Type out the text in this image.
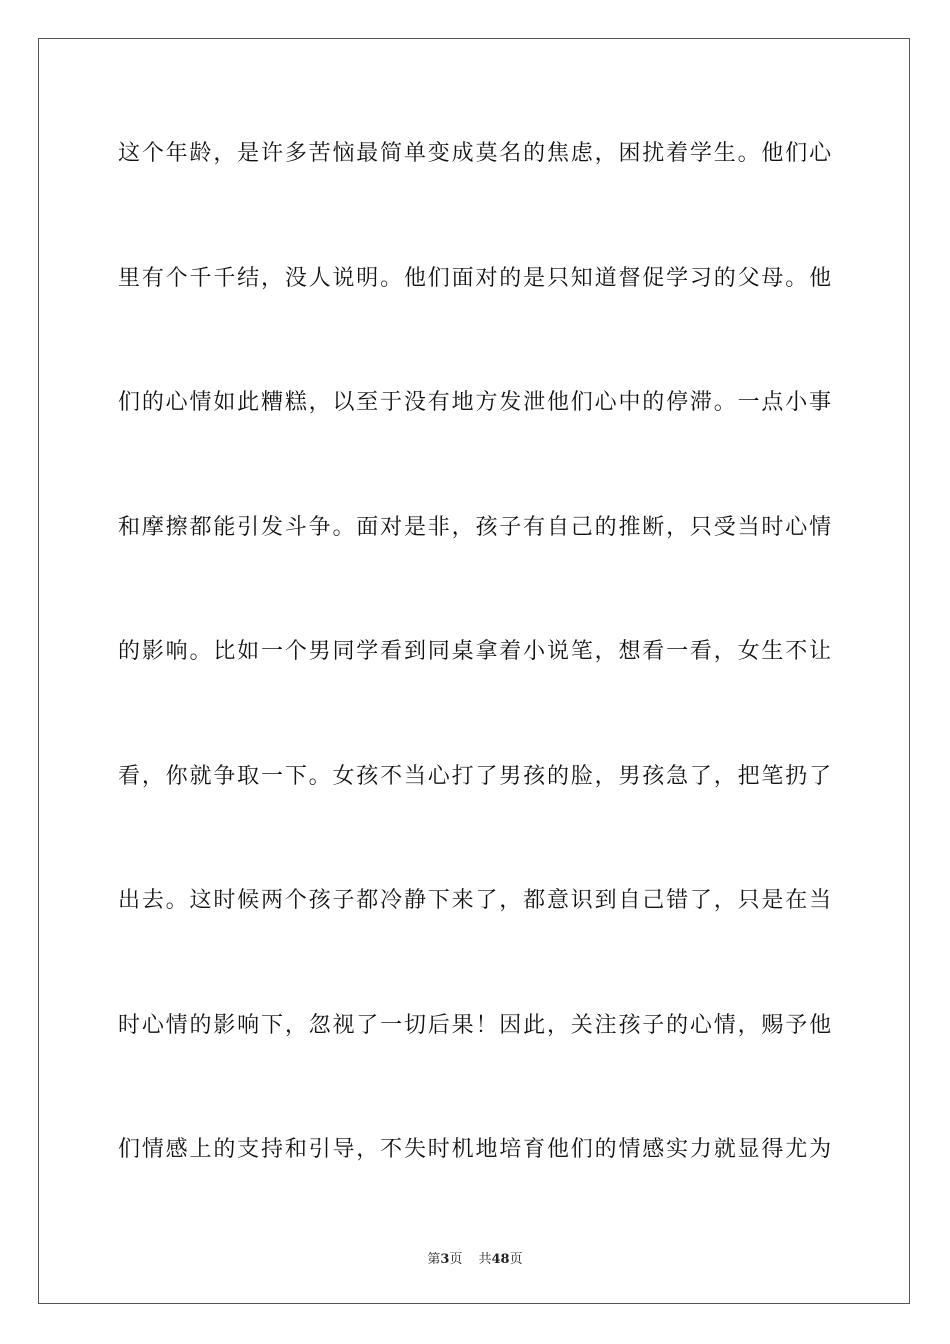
这个年龄，是许多苦恼最简单变成莫名的焦虑，困扰着学生。他们心
里有个千千结，没人说明。他们面对的是只知道督促学习的父母。他
们的心情如此糟糕，以至于没有地方发泄他们心中的停滞。一点小事
和摩擦都能引发斗争。面对是非，孩子有自己的推断，只受当时心情
的影响。比如一个男同学看到同桌拿着小说笔，想看一看，女生不让
看，你就争取一下。女孩不当心打了男孩的脸，男孩急了，把笔扔了
出去。这时候两个孩子都冷静下来了，都意识到自己错了，只是在当
时心情的影响下，忽视了一切后果！因此，关注孩子的心情，赐予他
们情感上的支持和引导，不失时机地培育他们的情感实力就显得尤为
第3页 共48页
